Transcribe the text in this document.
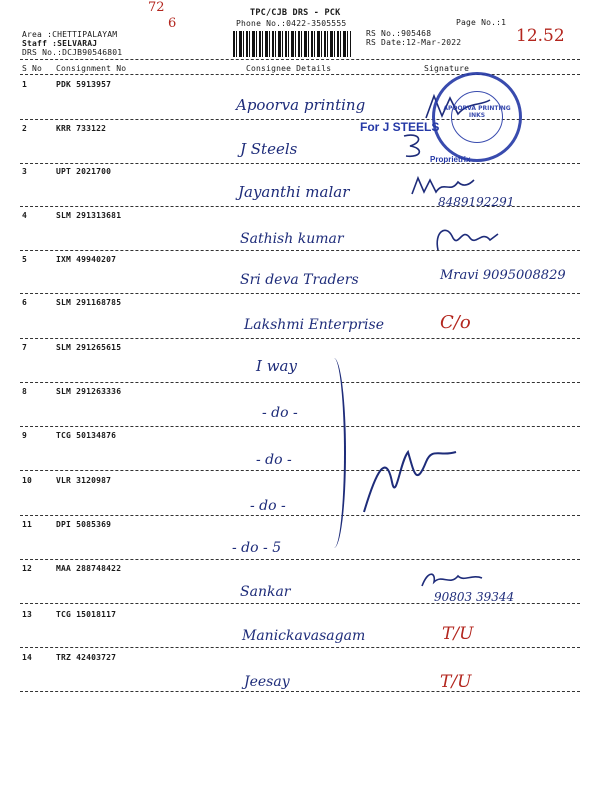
72
6
12.52
TPC/CJB DRS - PCK
Phone No.:0422-3505555	Page No.:1
Area :CHETTIPALAYAM
Staff :SELVARAJ
DRS No.:DCJB90546801
RS No.:905468
RS Date:12-Mar-2022
S No Consignment No	Consignee Details	Signature
1	PDK 5913957
Apoorva printing
2	KRR 733122
J Steels
3	UPT 2021700
Jayanthi malar
8489192291
4	SLM 291313681
Sathish kumar
5	IXM 49940207
Sri deva Traders	Mravi 9095008829
6	SLM 291168785
Lakshmi Enterprise	C/o
7	SLM 291265615
I way
8	SLM 291263336
- do -
9	TCG 50134876
- do -
10	VLR 3120987
- do -
11	DPI 5085369
- do - 5
12	MAA 288748422
Sankar	90803 39344
13	TCG 15018117
Manickavasagam	T/U
14	TRZ 42403727
Jeesay	T/U
APOORVA PRINTING INKS
For J STEELS
Proprietrix
